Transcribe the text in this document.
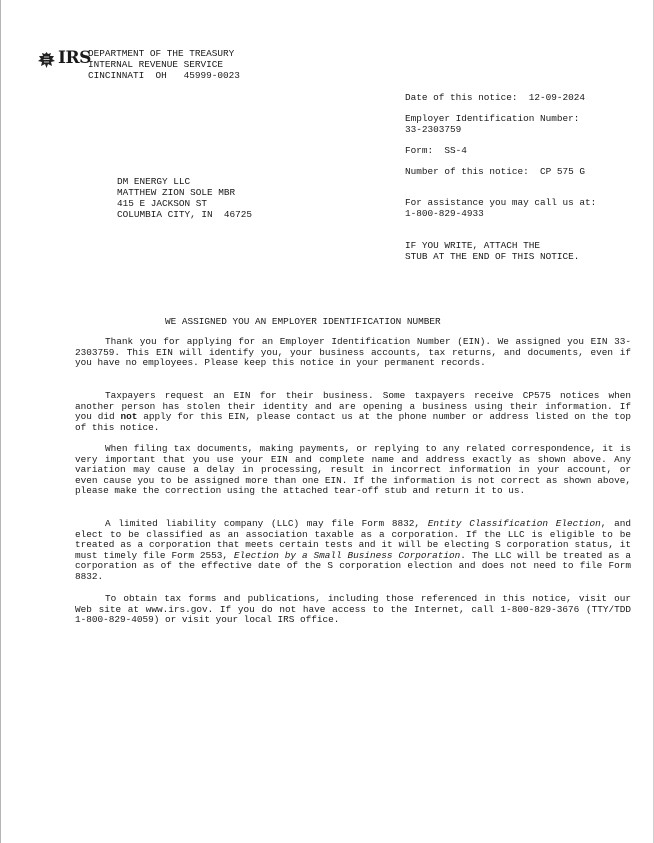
IRS
DEPARTMENT OF THE TREASURY
INTERNAL REVENUE SERVICE
CINCINNATI  OH   45999-0023
Date of this notice:  12-09-2024
Employer Identification Number:
33-2303759
Form:  SS-4
Number of this notice:  CP 575 G
For assistance you may call us at:
1-800-829-4933
IF YOU WRITE, ATTACH THE
STUB AT THE END OF THIS NOTICE.
DM ENERGY LLC
MATTHEW ZION SOLE MBR
415 E JACKSON ST
COLUMBIA CITY, IN  46725
WE ASSIGNED YOU AN EMPLOYER IDENTIFICATION NUMBER
Thank you for applying for an Employer Identification Number (EIN). We assigned you EIN 33-2303759. This EIN will identify you, your business accounts, tax returns, and documents, even if you have no employees. Please keep this notice in your permanent records.
Taxpayers request an EIN for their business. Some taxpayers receive CP575 notices when another person has stolen their identity and are opening a business using their information. If you did not apply for this EIN, please contact us at the phone number or address listed on the top of this notice.
When filing tax documents, making payments, or replying to any related correspondence, it is very important that you use your EIN and complete name and address exactly as shown above. Any variation may cause a delay in processing, result in incorrect information in your account, or even cause you to be assigned more than one EIN. If the information is not correct as shown above, please make the correction using the attached tear-off stub and return it to us.
A limited liability company (LLC) may file Form 8832, Entity Classification Election, and elect to be classified as an association taxable as a corporation. If the LLC is eligible to be treated as a corporation that meets certain tests and it will be electing S corporation status, it must timely file Form 2553, Election by a Small Business Corporation. The LLC will be treated as a corporation as of the effective date of the S corporation election and does not need to file Form 8832.
To obtain tax forms and publications, including those referenced in this notice, visit our Web site at www.irs.gov. If you do not have access to the Internet, call 1-800-829-3676 (TTY/TDD 1-800-829-4059) or visit your local IRS office.
